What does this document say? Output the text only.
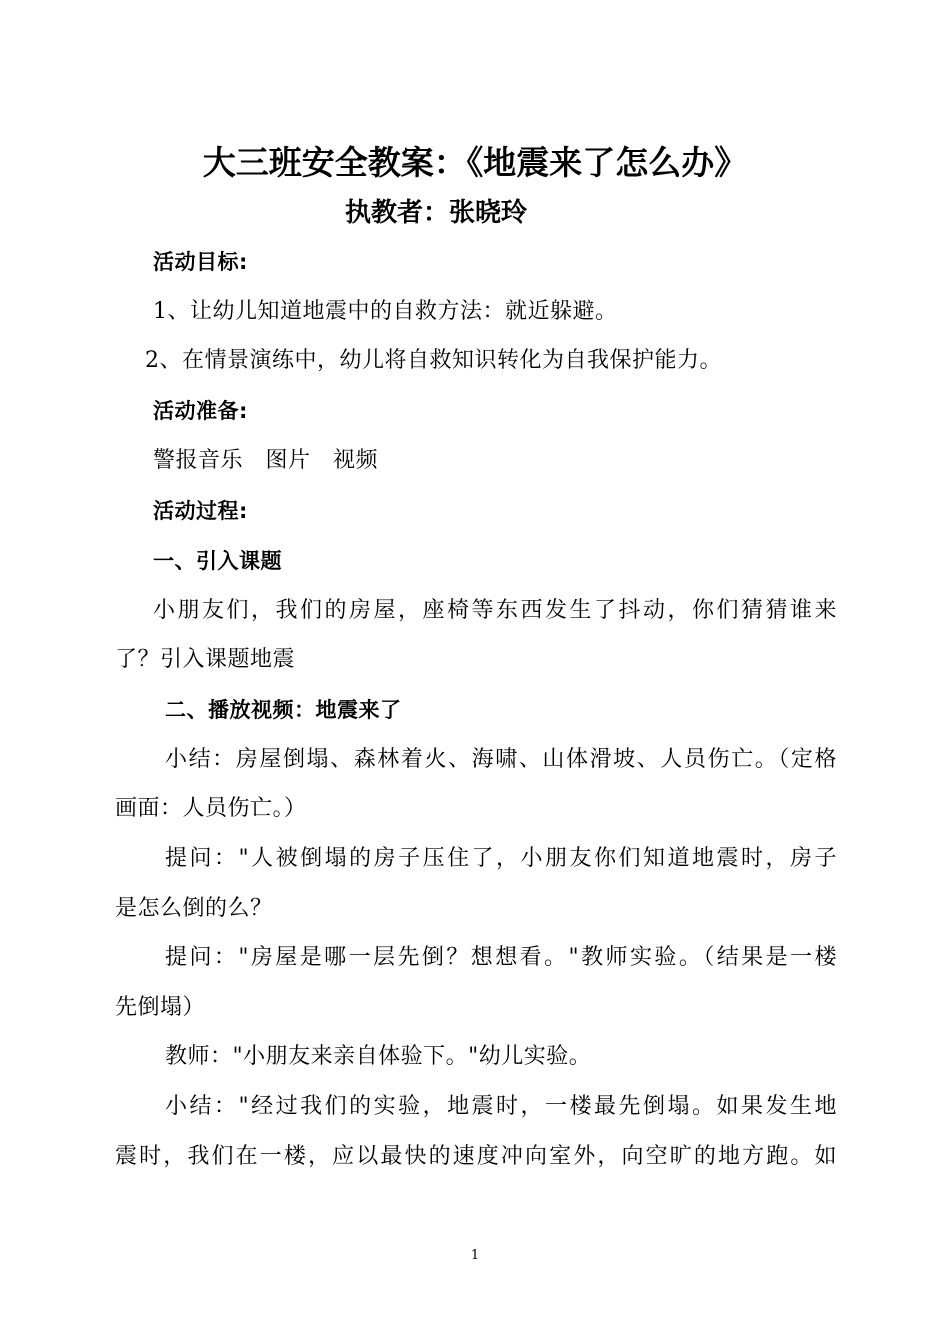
大三班安全教案：《地震来了怎么办》
执教者：张晓玲
活动目标:
1、让幼儿知道地震中的自救方法：就近躲避。
2、在情景演练中，幼儿将自救知识转化为自我保护能力。
活动准备:
警报音乐　图片　视频
活动过程:
一、引入课题
小朋友们，我们的房屋，座椅等东西发生了抖动，你们猜猜谁来
了？引入课题地震
二、播放视频：地震来了
小结：房屋倒塌、森林着火、海啸、山体滑坡、人员伤亡。（定格
画面：人员伤亡。）
提问："人被倒塌的房子压住了，小朋友你们知道地震时，房子
是怎么倒的么？
提问："房屋是哪一层先倒？想想看。"教师实验。（结果是一楼
先倒塌）
教师："小朋友来亲自体验下。"幼儿实验。
小结："经过我们的实验，地震时，一楼最先倒塌。如果发生地
震时，我们在一楼，应以最快的速度冲向室外，向空旷的地方跑。如
1
